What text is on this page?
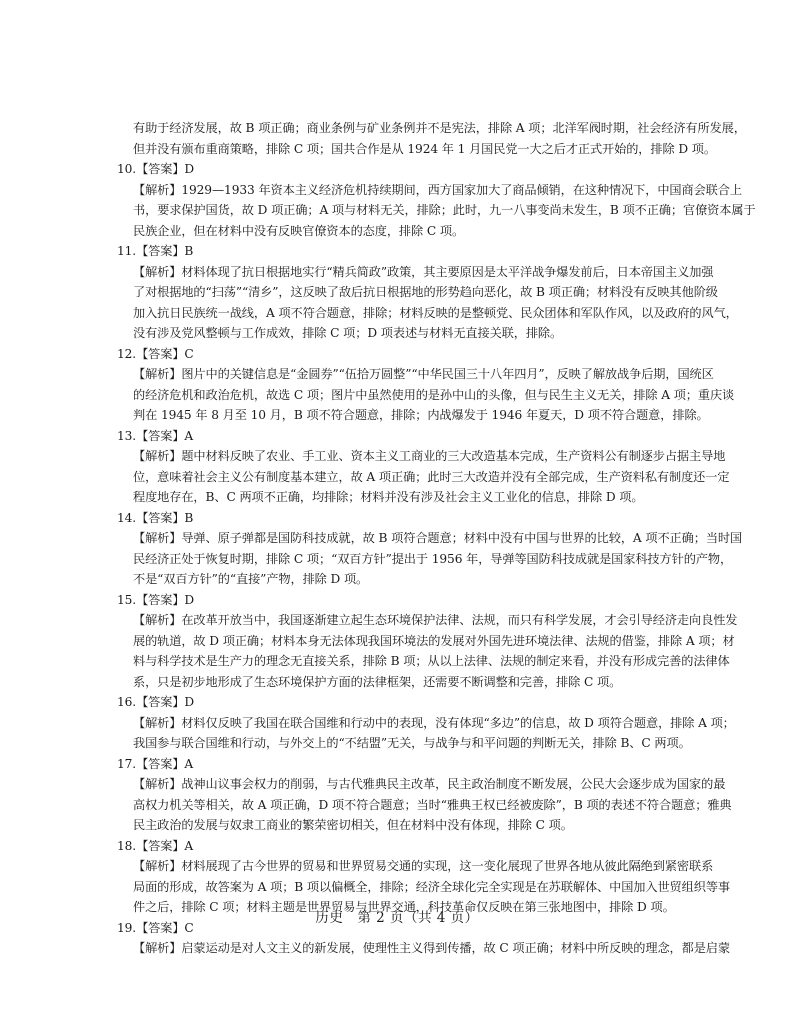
有助于经济发展，故 B 项正确；商业条例与矿业条例并不是宪法，排除 A 项；北洋军阀时期，社会经济有所发展，
但并没有颁布重商策略，排除 C 项；国共合作是从 1924 年 1 月国民党一大之后才正式开始的，排除 D 项。
10.【答案】D
【解析】1929—1933 年资本主义经济危机持续期间，西方国家加大了商品倾销，在这种情况下，中国商会联合上
书，要求保护国货，故 D 项正确；A 项与材料无关，排除；此时，九一八事变尚未发生，B 项不正确；官僚资本属于
民族企业，但在材料中没有反映官僚资本的态度，排除 C 项。
11.【答案】B
【解析】材料体现了抗日根据地实行“精兵简政”政策，其主要原因是太平洋战争爆发前后，日本帝国主义加强
了对根据地的“扫荡”“清乡”，这反映了敌后抗日根据地的形势趋向恶化，故 B 项正确；材料没有反映其他阶级
加入抗日民族统一战线，A 项不符合题意，排除；材料反映的是整顿党、民众团体和军队作风，以及政府的风气，
没有涉及党风整顿与工作成效，排除 C 项；D 项表述与材料无直接关联，排除。
12.【答案】C
【解析】图片中的关键信息是“金圆券”“伍拾万圆整”“中华民国三十八年四月”，反映了解放战争后期，国统区
的经济危机和政治危机，故选 C 项；图片中虽然使用的是孙中山的头像，但与民生主义无关，排除 A 项；重庆谈
判在 1945 年 8 月至 10 月，B 项不符合题意，排除；内战爆发于 1946 年夏天，D 项不符合题意，排除。
13.【答案】A
【解析】题中材料反映了农业、手工业、资本主义工商业的三大改造基本完成，生产资料公有制逐步占据主导地
位，意味着社会主义公有制度基本建立，故 A 项正确；此时三大改造并没有全部完成，生产资料私有制度还一定
程度地存在，B、C 两项不正确，均排除；材料并没有涉及社会主义工业化的信息，排除 D 项。
14.【答案】B
【解析】导弹、原子弹都是国防科技成就，故 B 项符合题意；材料中没有中国与世界的比较，A 项不正确；当时国
民经济正处于恢复时期，排除 C 项；“双百方针”提出于 1956 年，导弹等国防科技成就是国家科技方针的产物，
不是“双百方针”的“直接”产物，排除 D 项。
15.【答案】D
【解析】在改革开放当中，我国逐渐建立起生态环境保护法律、法规，而只有科学发展，才会引导经济走向良性发
展的轨道，故 D 项正确；材料本身无法体现我国环境法的发展对外国先进环境法律、法规的借鉴，排除 A 项；材
料与科学技术是生产力的理念无直接关系，排除 B 项；从以上法律、法规的制定来看，并没有形成完善的法律体
系，只是初步地形成了生态环境保护方面的法律框架，还需要不断调整和完善，排除 C 项。
16.【答案】D
【解析】材料仅反映了我国在联合国维和行动中的表现，没有体现“多边”的信息，故 D 项符合题意，排除 A 项；
我国参与联合国维和行动，与外交上的“不结盟”无关，与战争与和平问题的判断无关，排除 B、C 两项。
17.【答案】A
【解析】战神山议事会权力的削弱，与古代雅典民主改革，民主政治制度不断发展，公民大会逐步成为国家的最
高权力机关等相关，故 A 项正确，D 项不符合题意；当时“雅典王权已经被废除”，B 项的表述不符合题意；雅典
民主政治的发展与奴隶工商业的繁荣密切相关，但在材料中没有体现，排除 C 项。
18.【答案】A
【解析】材料展现了古今世界的贸易和世界贸易交通的实现，这一变化展现了世界各地从彼此隔绝到紧密联系
局面的形成，故答案为 A 项；B 项以偏概全，排除；经济全球化完全实现是在苏联解体、中国加入世贸组织等事
件之后，排除 C 项；材料主题是世界贸易与世界交通，科技革命仅反映在第三张地图中，排除 D 项。
19.【答案】C
【解析】启蒙运动是对人文主义的新发展，使理性主义得到传播，故 C 项正确；材料中所反映的理念，都是启蒙
历史　第 2 页（共 4 页）
